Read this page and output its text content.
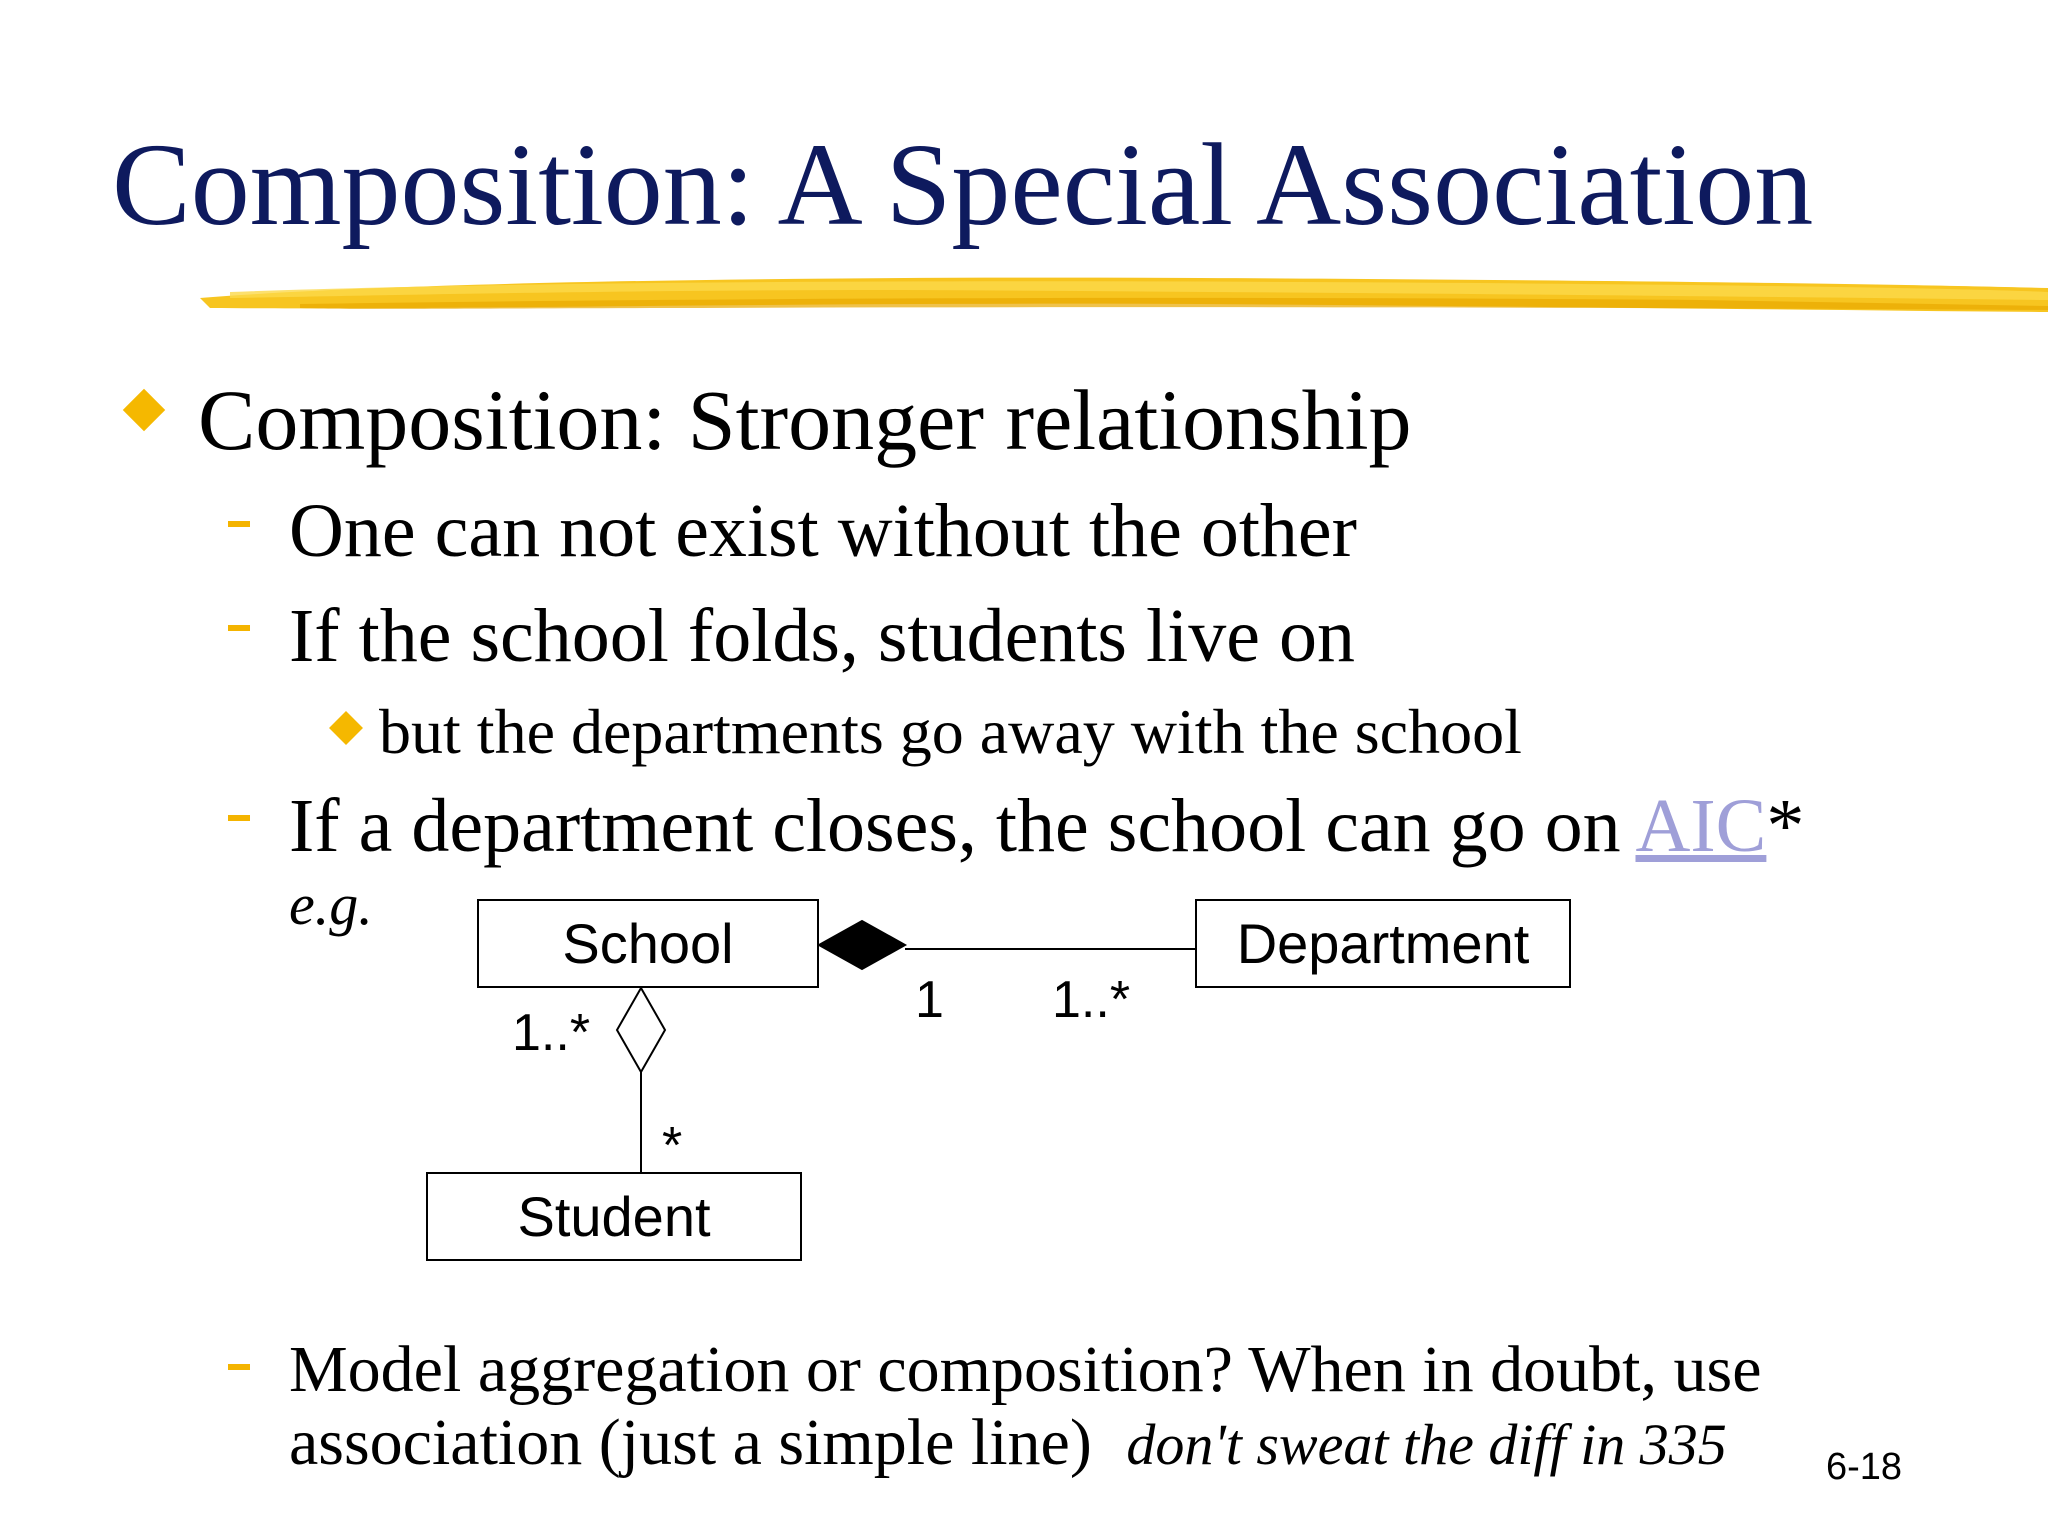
Composition: A Special Association
Composition: Stronger relationship
One can not exist without the other
If the school folds, students live on
but the departments go away with the school
If a department closes, the school can go on AIC*
e.g.
School	Department
Student
1 1..*
1..*
*
Model aggregation or composition? When in doubt, use
association (just a simple line) don't sweat the diff in 335	6-18
